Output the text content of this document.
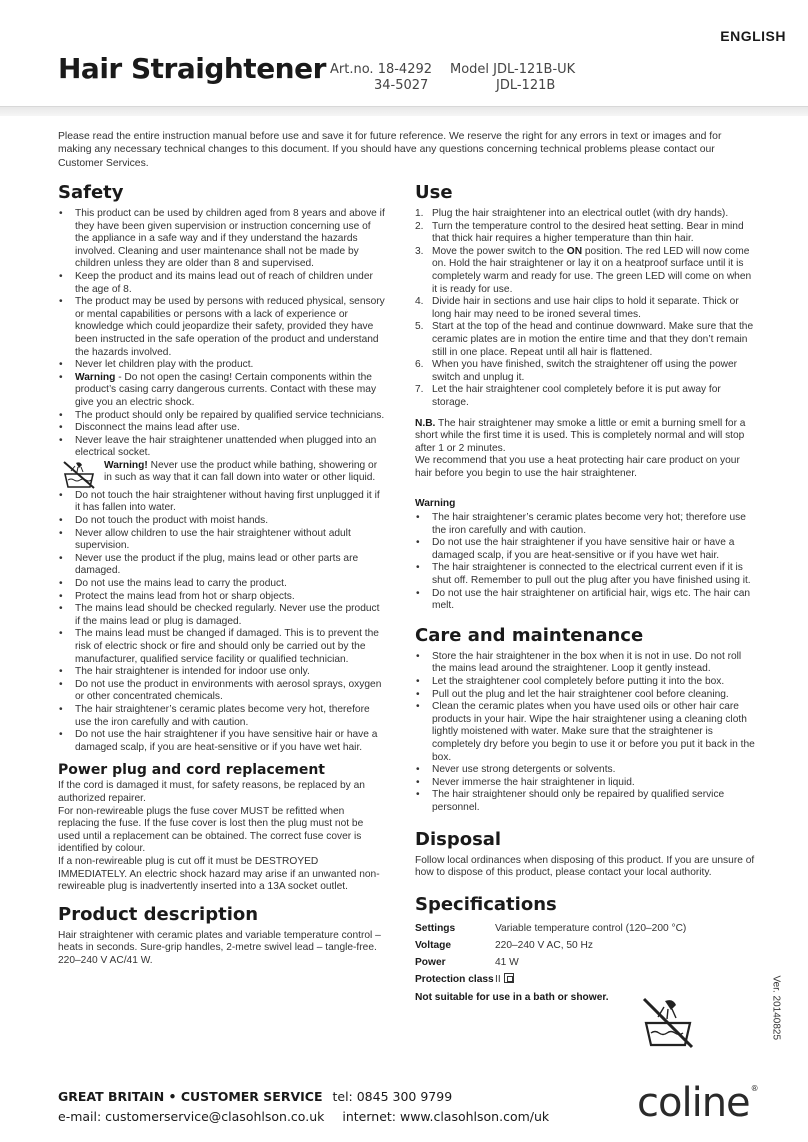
ENGLISH
Hair Straightener Art.no. 18-4292
34-5027
Model JDL-121B-UK
JDL-121B

Please read the entire instruction manual before use and save it for future reference. We reserve the right for any errors in text or images and for making any necessary technical changes to this document. If you should have any questions concerning technical problems please contact our Customer Services.

Safety
• This product can be used by children aged from 8 years and above if they have been given supervision or instruction concerning use of the appliance in a safe way and if they understand the hazards involved. Cleaning and user maintenance shall not be made by children unless they are older than 8 and supervised.
• Keep the product and its mains lead out of reach of children under the age of 8.
• The product may be used by persons with reduced physical, sensory or mental capabilities or persons with a lack of experience or knowledge which could jeopardize their safety, provided they have been instructed in the safe operation of the product and understand the hazards involved.
• Never let children play with the product.
• Warning - Do not open the casing! Certain components within the product’s casing carry dangerous currents. Contact with these may give you an electric shock.
• The product should only be repaired by qualified service technicians.
• Disconnect the mains lead after use.
• Never leave the hair straightener unattended when plugged into an electrical socket.
Warning! Never use the product while bathing, showering or in such as way that it can fall down into water or other liquid.
• Do not touch the hair straightener without having first unplugged it if it has fallen into water.
• Do not touch the product with moist hands.
• Never allow children to use the hair straightener without adult supervision.
• Never use the product if the plug, mains lead or other parts are damaged.
• Do not use the mains lead to carry the product.
• Protect the mains lead from hot or sharp objects.
• The mains lead should be checked regularly. Never use the product if the mains lead or plug is damaged.
• The mains lead must be changed if damaged. This is to prevent the risk of electric shock or fire and should only be carried out by the manufacturer, qualified service facility or qualified technician.
• The hair straightener is intended for indoor use only.
• Do not use the product in environments with aerosol sprays, oxygen or other concentrated chemicals.
• The hair straightener’s ceramic plates become very hot, therefore use the iron carefully and with caution.
• Do not use the hair straightener if you have sensitive hair or have a damaged scalp, if you are heat-sensitive or if you have wet hair.
Power plug and cord replacement

If the cord is damaged it must, for safety reasons, be replaced by an authorized repairer.

For non-rewireable plugs the fuse cover MUST be refitted when replacing the fuse. If the fuse cover is lost then the plug must not be used until a replacement can be obtained. The correct fuse cover is identified by colour.

If a non-rewireable plug is cut off it must be DESTROYED IMMEDIATELY. An electric shock hazard may arise if an unwanted non-rewireable plug is inadvertently inserted into a 13A socket outlet.

Product description

Hair straightener with ceramic plates and variable temperature control – heats in seconds. Sure-grip handles, 2-metre swivel lead – tangle-free. 220–240 V AC/41 W.

Use
1. Plug the hair straightener into an electrical outlet (with dry hands).
2. Turn the temperature control to the desired heat setting. Bear in mind that thick hair requires a higher temperature than thin hair.
3. Move the power switch to the ON position. The red LED will now come on. Hold the hair straightener or lay it on a heatproof surface until it is completely warm and ready for use. The green LED will come on when it is ready for use.
4. Divide hair in sections and use hair clips to hold it separate. Thick or long hair may need to be ironed several times.
5. Start at the top of the head and continue downward. Make sure that the ceramic plates are in motion the entire time and that they don’t remain still in one place. Repeat until all hair is flattened.
6. When you have finished, switch the straightener off using the power switch and unplug it.
7. Let the hair straightener cool completely before it is put away for storage.

N.B. The hair straightener may smoke a little or emit a burning smell for a short while the first time it is used. This is completely normal and will stop after 1 or 2 minutes.

We recommend that you use a heat protecting hair care product on your hair before you begin to use the hair straightener.

Warning
• The hair straightener’s ceramic plates become very hot; therefore use the iron carefully and with caution.
• Do not use the hair straightener if you have sensitive hair or have a damaged scalp, if you are heat-sensitive or if you have wet hair.
• The hair straightener is connected to the electrical current even if it is shut off. Remember to pull out the plug after you have finished using it.
• Do not use the hair straightener on artificial hair, wigs etc. The hair can melt.
Care and maintenance
• Store the hair straightener in the box when it is not in use. Do not roll the mains lead around the straightener. Loop it gently instead.
• Let the straightener cool completely before putting it into the box.
• Pull out the plug and let the hair straightener cool before cleaning.
• Clean the ceramic plates when you have used oils or other hair care products in your hair. Wipe the hair straightener using a cleaning cloth lightly moistened with water. Make sure that the straightener is completely dry before you begin to use it or before you put it back in the box.
• Never use strong detergents or solvents.
• Never immerse the hair straightener in liquid.
• The hair straightener should only be repaired by qualified service personnel.
Disposal

Follow local ordinances when disposing of this product. If you are unsure of how to dispose of this product, please contact your local authority.

Specifications
Settings	Variable temperature control (120–200 °C)
Voltage	220–240 V AC, 50 Hz
Power	41 W
Protection class	II

Not suitable for use in a bath or shower.	Ver. 20140825
GREAT BRITAIN • CUSTOMER SERVICE tel: 0845 300 9799
e-mail: customerservice@clasohlson.co.uk internet: www.clasohlson.com/uk coline ®
